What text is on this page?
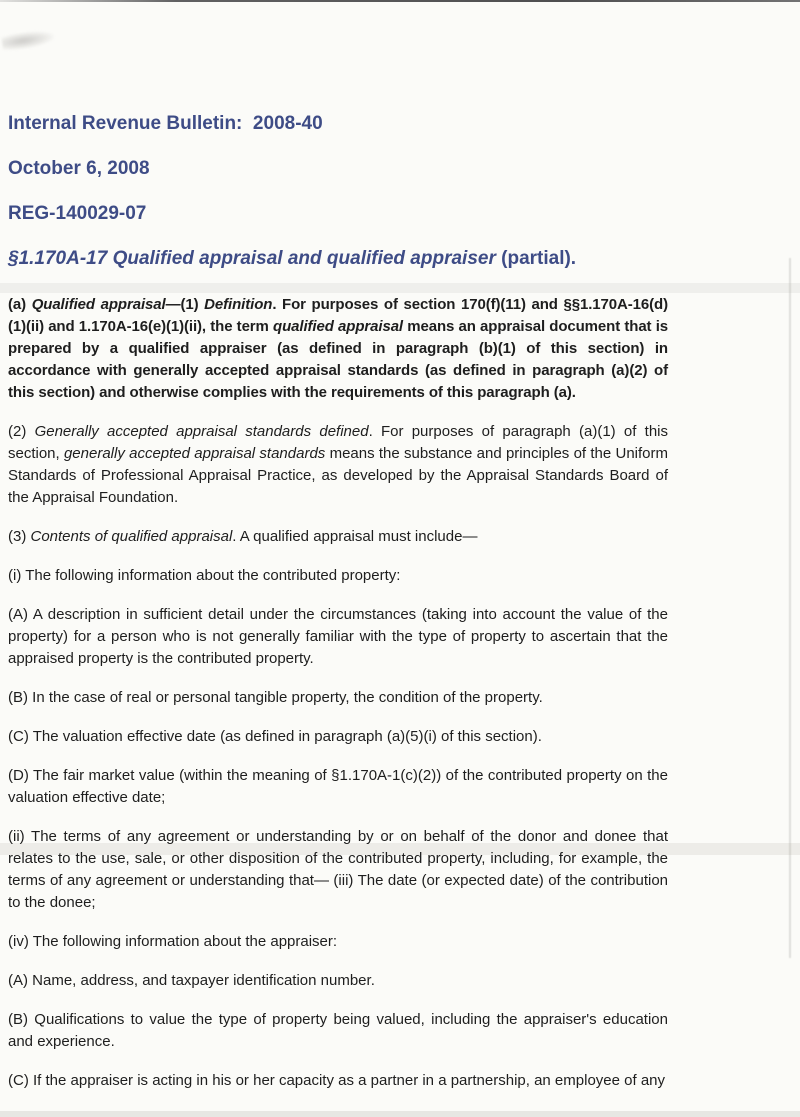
Internal Revenue Bulletin:  2008-40
October 6, 2008
REG-140029-07
§1.170A-17 Qualified appraisal and qualified appraiser (partial).

(a) Qualified appraisal—(1) Definition. For purposes of section 170(f)(11) and §§1.170A-16(d)(1)(ii) and 1.170A-16(e)(1)(ii), the term qualified appraisal means an appraisal document that is prepared by a qualified appraiser (as defined in paragraph (b)(1) of this section) in accordance with generally accepted appraisal standards (as defined in paragraph (a)(2) of this section) and otherwise complies with the requirements of this paragraph (a).

(2) Generally accepted appraisal standards defined. For purposes of paragraph (a)(1) of this section, generally accepted appraisal standards means the substance and principles of the Uniform Standards of Professional Appraisal Practice, as developed by the Appraisal Standards Board of the Appraisal Foundation.

(3) Contents of qualified appraisal. A qualified appraisal must include—

(i) The following information about the contributed property:

(A) A description in sufficient detail under the circumstances (taking into account the value of the property) for a person who is not generally familiar with the type of property to ascertain that the appraised property is the contributed property.

(B) In the case of real or personal tangible property, the condition of the property.

(C) The valuation effective date (as defined in paragraph (a)(5)(i) of this section).

(D) The fair market value (within the meaning of §1.170A-1(c)(2)) of the contributed property on the valuation effective date;

(ii) The terms of any agreement or understanding by or on behalf of the donor and donee that relates to the use, sale, or other disposition of the contributed property, including, for example, the terms of any agreement or understanding that— (iii) The date (or expected date) of the contribution to the donee;

(iv) The following information about the appraiser:

(A) Name, address, and taxpayer identification number.

(B) Qualifications to value the type of property being valued, including the appraiser's education and experience.

(C) If the appraiser is acting in his or her capacity as a partner in a partnership, an employee of any
